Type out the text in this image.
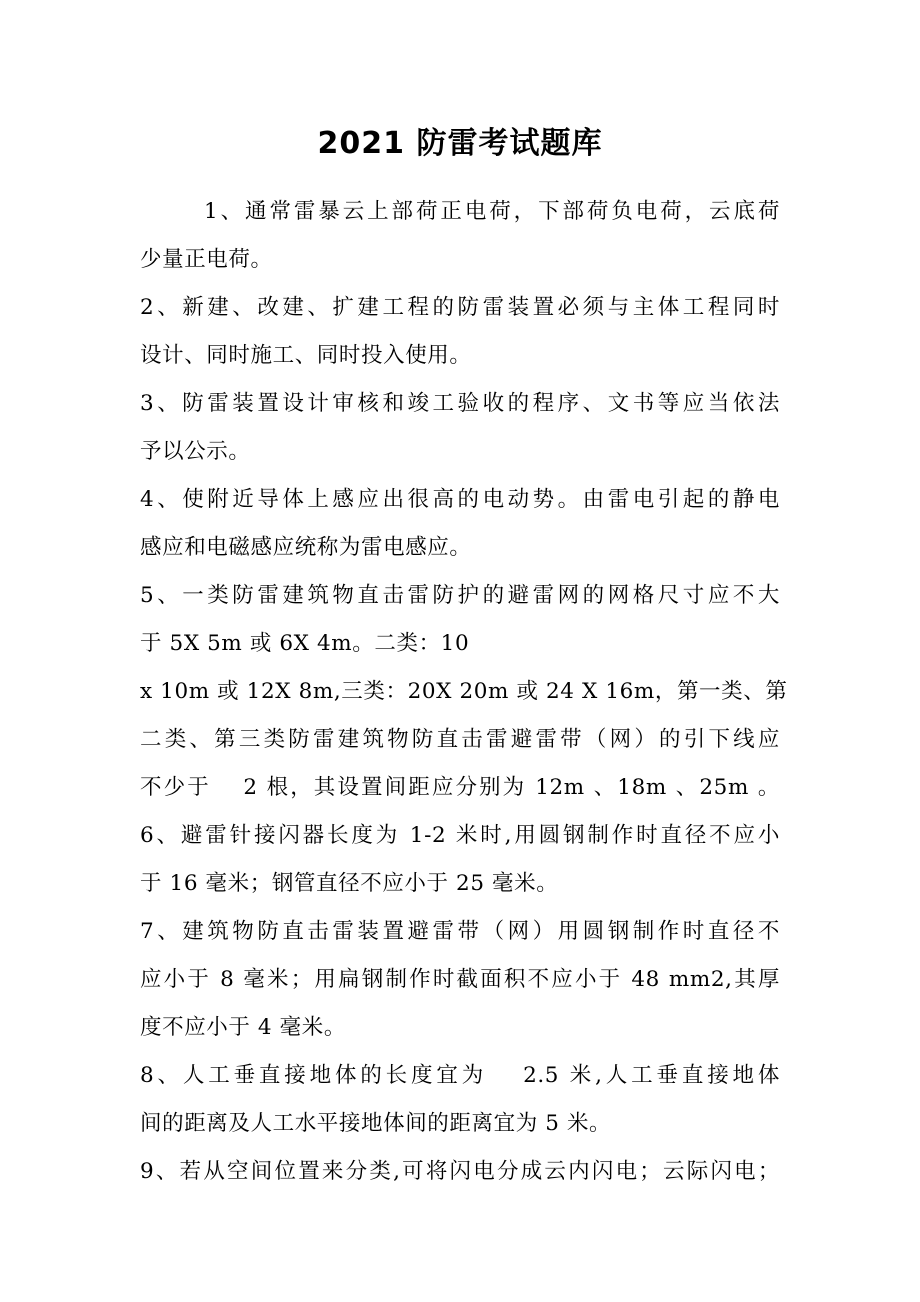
2021 防雷考试题库
1、通常雷暴云上部荷正电荷，下部荷负电荷，云底荷
少量正电荷。
2、新建、改建、扩建工程的防雷装置必须与主体工程同时
设计、同时施工、同时投入使用。
3、防雷装置设计审核和竣工验收的程序、文书等应当依法
予以公示。
4、使附近导体上感应出很高的电动势。由雷电引起的静电
感应和电磁感应统称为雷电感应。
5、一类防雷建筑物直击雷防护的避雷网的网格尺寸应不大
于 5X 5m 或 6X 4m。二类：10
x 10m 或 12X 8m,三类：20X 20m 或 24 X 16m，第一类、第
二类、第三类防雷建筑物防直击雷避雷带（网）的引下线应
不少于　 2 根，其设置间距应分别为 12m 、18m 、25m 。
6、避雷针接闪器长度为 1-2 米时,用圆钢制作时直径不应小
于 16 毫米；钢管直径不应小于 25 毫米。
7、建筑物防直击雷装置避雷带（网）用圆钢制作时直径不
应小于 8 毫米；用扁钢制作时截面积不应小于 48 mm2,其厚
度不应小于 4 毫米。
8、人工垂直接地体的长度宜为　 2.5 米,人工垂直接地体
间的距离及人工水平接地体间的距离宜为 5 米。
9、若从空间位置来分类,可将闪电分成云内闪电；云际闪电；
